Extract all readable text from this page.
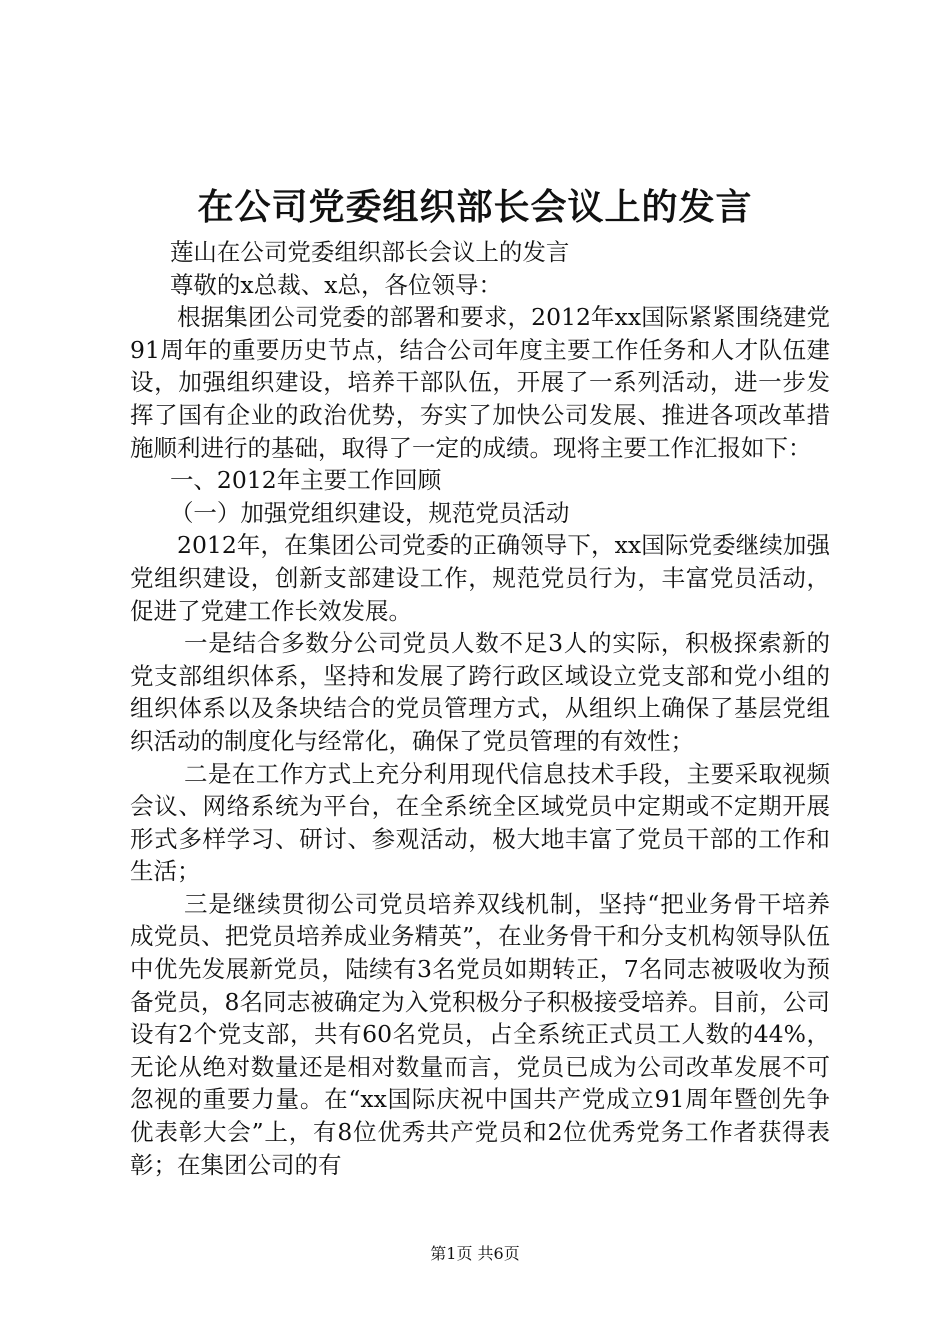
在公司党委组织部长会议上的发言

莲山在公司党委组织部长会议上的发言

尊敬的x总裁、x总，各位领导：

根据集团公司党委的部署和要求，2012年xx国际紧紧围绕建党91周年的重要历史节点，结合公司年度主要工作任务和人才队伍建设，加强组织建设，培养干部队伍，开展了一系列活动，进一步发挥了国有企业的政治优势，夯实了加快公司发展、推进各项改革措施顺利进行的基础，取得了一定的成绩。现将主要工作汇报如下：

一、2012年主要工作回顾

（一）加强党组织建设，规范党员活动

2012年，在集团公司党委的正确领导下，xx国际党委继续加强党组织建设，创新支部建设工作，规范党员行为，丰富党员活动，促进了党建工作长效发展。

一是结合多数分公司党员人数不足3人的实际，积极探索新的党支部组织体系，坚持和发展了跨行政区域设立党支部和党小组的组织体系以及条块结合的党员管理方式，从组织上确保了基层党组织活动的制度化与经常化，确保了党员管理的有效性；

二是在工作方式上充分利用现代信息技术手段，主要采取视频会议、网络系统为平台，在全系统全区域党员中定期或不定期开展形式多样学习、研讨、参观活动，极大地丰富了党员干部的工作和生活；

三是继续贯彻公司党员培养双线机制，坚持“把业务骨干培养成党员、把党员培养成业务精英”，在业务骨干和分支机构领导队伍中优先发展新党员，陆续有3名党员如期转正，7名同志被吸收为预备党员，8名同志被确定为入党积极分子积极接受培养。目前，公司设有2个党支部，共有60名党员，占全系统正式员工人数的44%，无论从绝对数量还是相对数量而言，党员已成为公司改革发展不可忽视的重要力量。在“xx国际庆祝中国共产党成立91周年暨创先争优表彰大会”上，有8位优秀共产党员和2位优秀党务工作者获得表彰；在集团公司的有

第1页 共6页
